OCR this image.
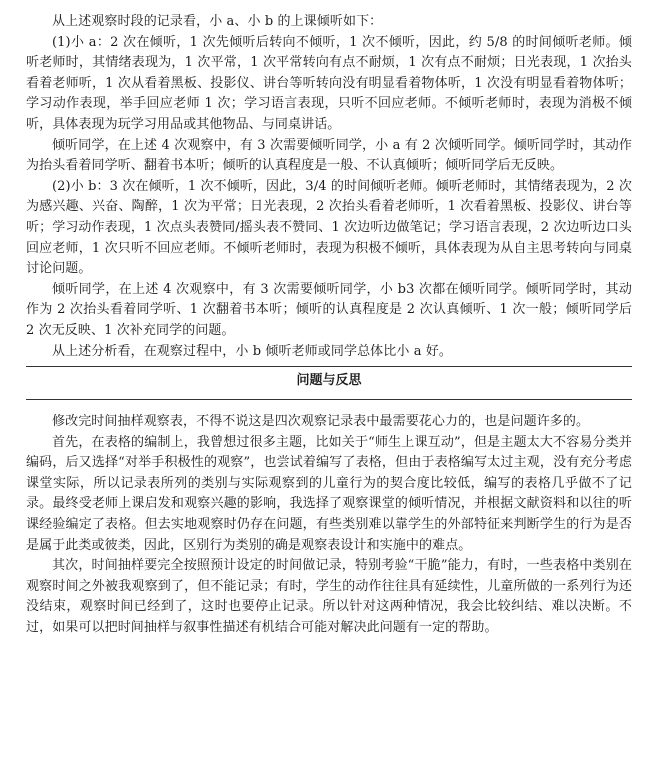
从上述观察时段的记录看，小 a、小 b 的上课倾听如下：

(1)小 a：2 次在倾听，1 次先倾听后转向不倾听，1 次不倾听，因此，约 5/8 的时间倾听老师。倾听老师时，其情绪表现为，1 次平常，1 次平常转向有点不耐烦，1 次有点不耐烦；日光表现，1 次抬头看着老师听，1 次从看着黑板、投影仪、讲台等听转向没有明显看着物体听，1 次没有明显看着物体听；学习动作表现，举手回应老师 1 次；学习语言表现，只听不回应老师。不倾听老师时，表现为消极不倾听，具体表现为玩学习用品或其他物品、与同桌讲话。

倾听同学，在上述 4 次观察中，有 3 次需要倾听同学，小 a 有 2 次倾听同学。倾听同学时，其动作为抬头看着同学听、翻着书本听；倾听的认真程度是一般、不认真倾听；倾听同学后无反映。

(2)小 b：3 次在倾听，1 次不倾听，因此，3/4 的时间倾听老师。倾听老师时，其情绪表现为，2 次为感兴趣、兴奋、陶醉，1 次为平常；日光表现，2 次抬头看着老师听，1 次看着黑板、投影仪、讲台等听；学习动作表现，1 次点头表赞同/摇头表不赞同、1 次边听边做笔记；学习语言表现，2 次边听边口头回应老师，1 次只听不回应老师。不倾听老师时，表现为积极不倾听，具体表现为从自主思考转向与同桌讨论问题。

倾听同学，在上述 4 次观察中，有 3 次需要倾听同学，小 b3 次都在倾听同学。倾听同学时，其动作为 2 次抬头看着同学听、1 次翻着书本听；倾听的认真程度是 2 次认真倾听、1 次一般；倾听同学后 2 次无反映、1 次补充同学的问题。

从上述分析看，在观察过程中，小 b 倾听老师或同学总体比小 a 好。

问题与反思

修改完时间抽样观察表，不得不说这是四次观察记录表中最需要花心力的，也是问题许多的。

首先，在表格的编制上，我曾想过很多主题，比如关于“师生上课互动”，但是主题太大不容易分类并编码，后又选择“对举手积极性的观察”，也尝试着编写了表格，但由于表格编写太过主观，没有充分考虑课堂实际，所以记录表所列的类别与实际观察到的儿童行为的契合度比较低，编写的表格几乎做不了记录。最终受老师上课启发和观察兴趣的影响，我选择了观察课堂的倾听情况，并根据文献资料和以往的听课经验编定了表格。但去实地观察时仍存在问题，有些类别难以靠学生的外部特征来判断学生的行为是否是属于此类或彼类，因此，区别行为类别的确是观察表设计和实施中的难点。

其次，时间抽样要完全按照预计设定的时间做记录，特别考验“干脆”能力，有时，一些表格中类别在观察时间之外被我观察到了，但不能记录；有时，学生的动作往往具有延续性，儿童所做的一系列行为还没结束，观察时间已经到了，这时也要停止记录。所以针对这两种情况，我会比较纠结、难以决断。不过，如果可以把时间抽样与叙事性描述有机结合可能对解决此问题有一定的帮助。
